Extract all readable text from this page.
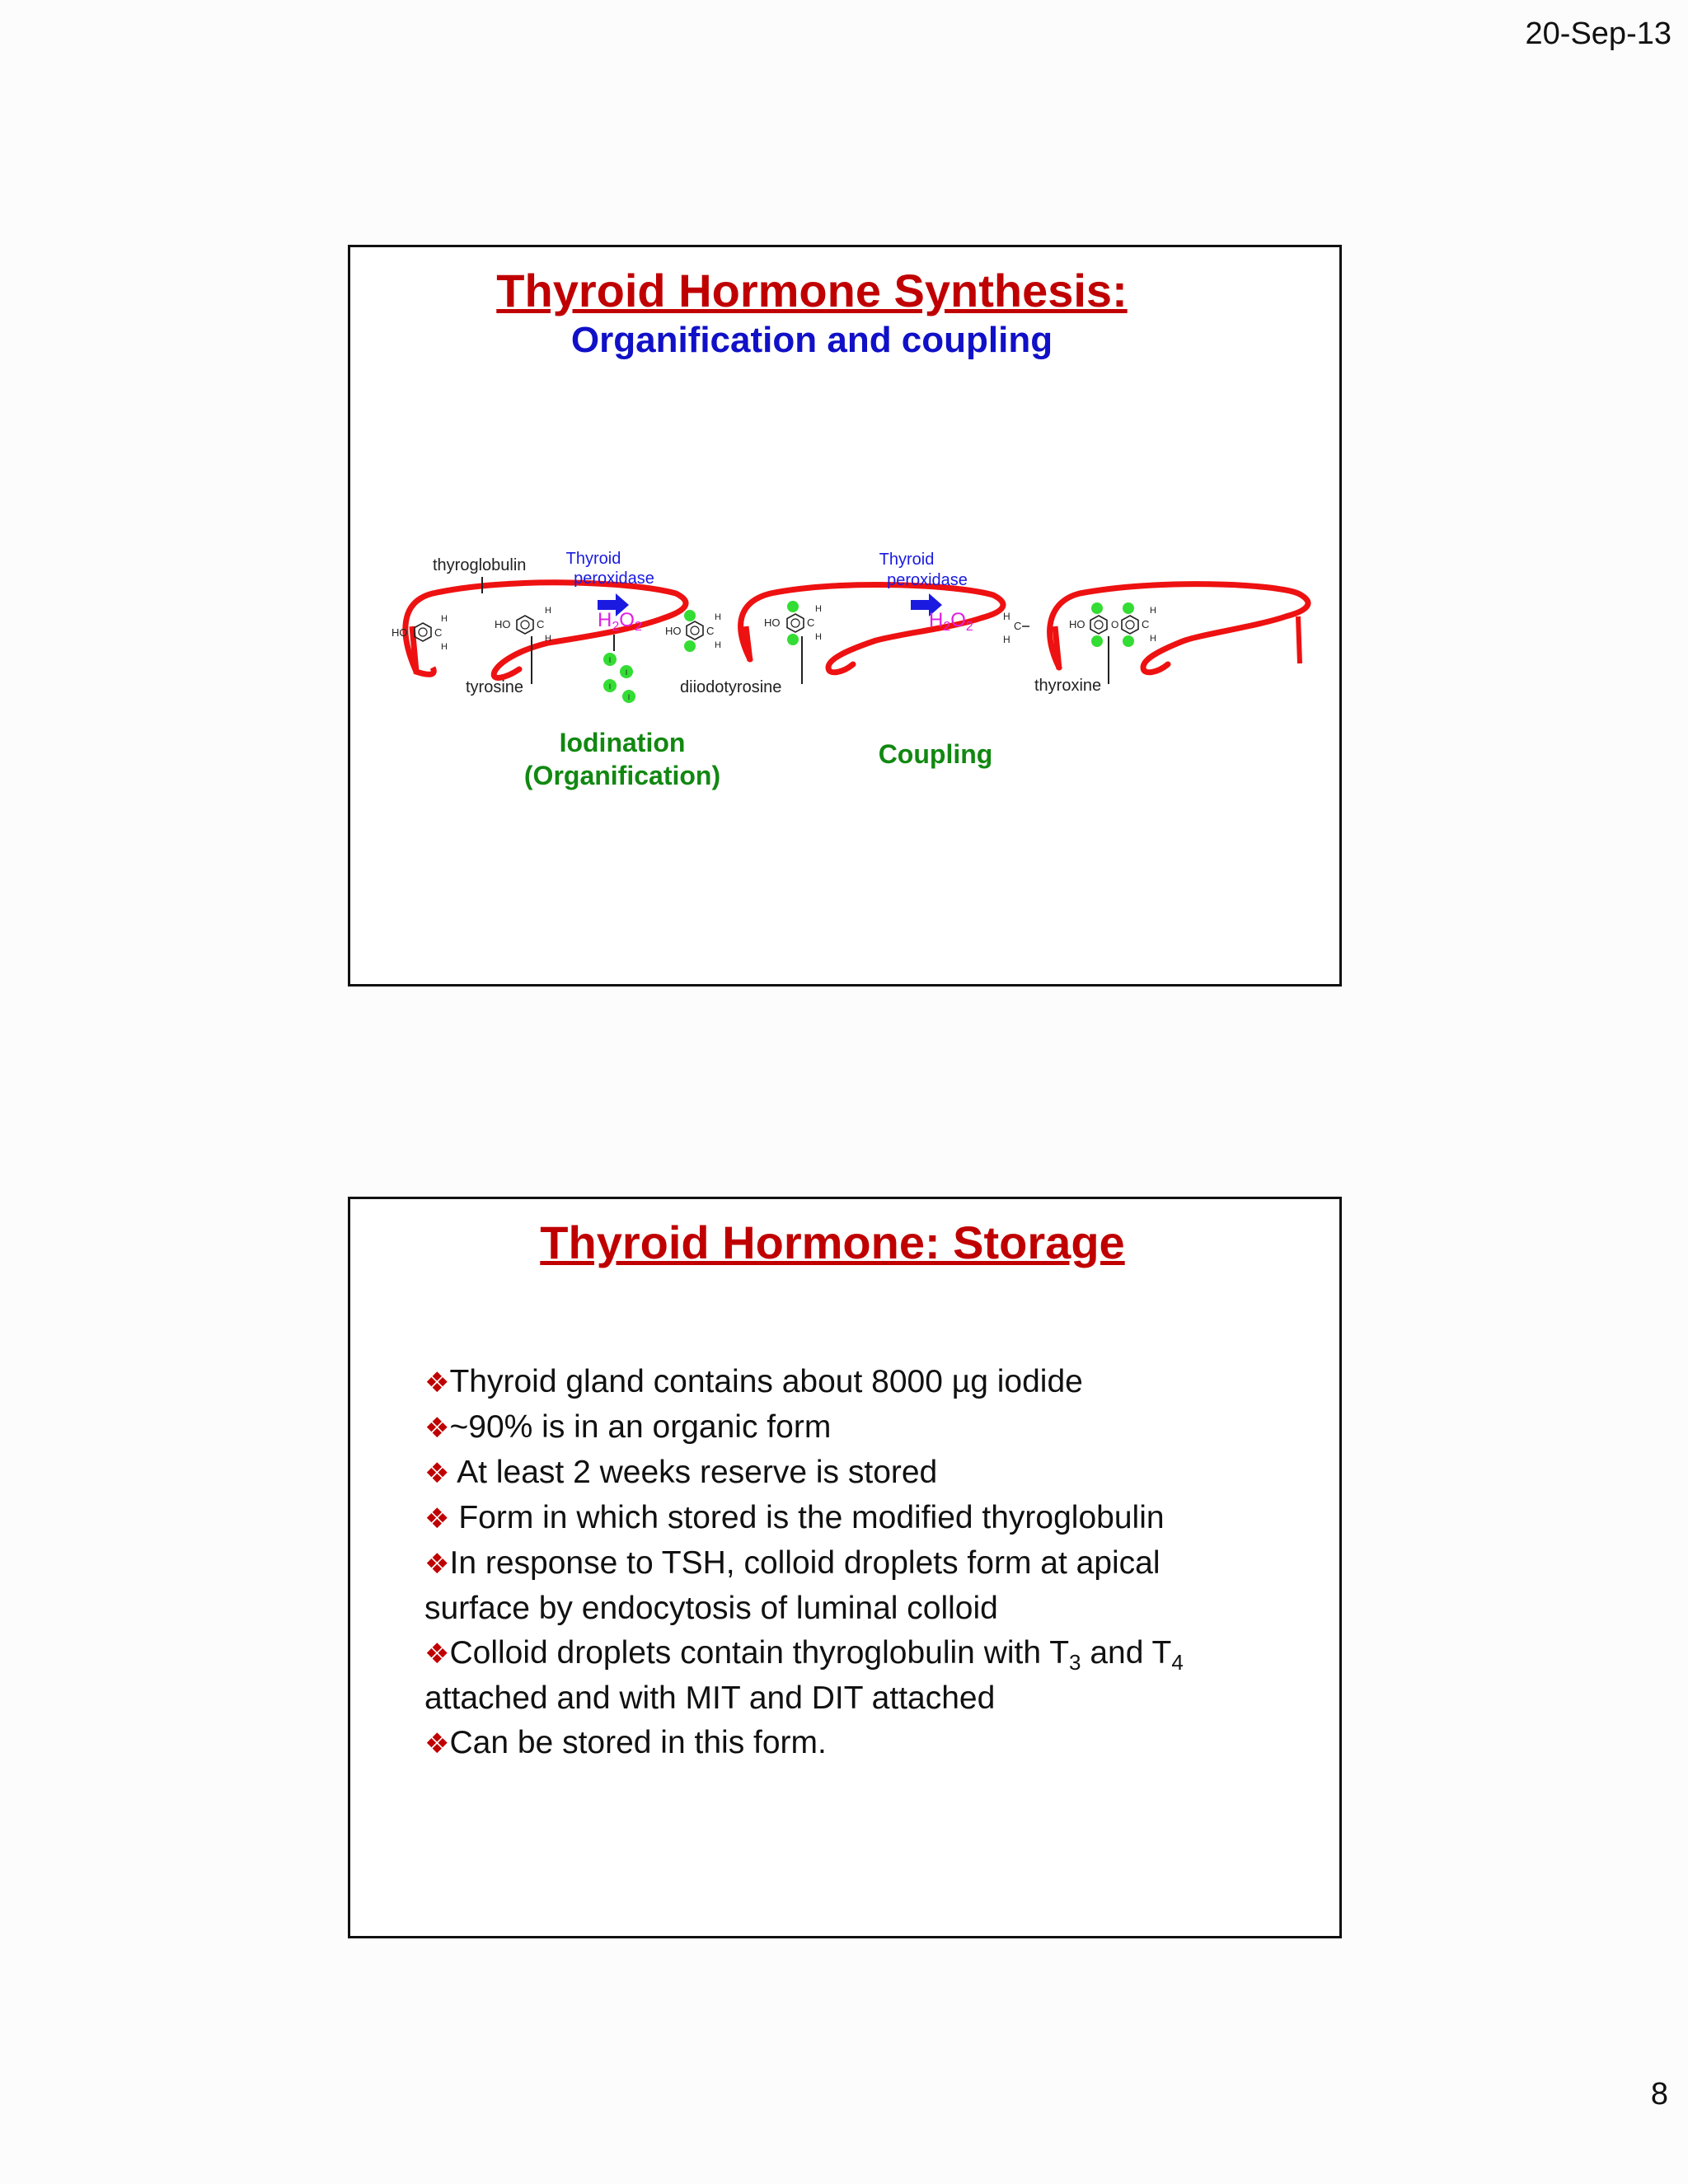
20-Sep-13
Thyroid Hormone Synthesis:
Organification and coupling
thyroglobulin Thyroid
peroxidase
Thyroid
peroxidase
$H_2O_2$	$H_2O_2$
HO	C
H
H
HO C
H
H
tyrosine
I
I
I
I
HO C
H
H
HO	C
H
H
diiodotyrosine
H
C
H
HO	O C
H
H
thyroxine
Iodination
(Organification)
Coupling
Thyroid Hormone: Storage

❖Thyroid gland contains about 8000 µg iodide

❖~90% is in an organic form

❖ At least 2 weeks reserve is stored

❖ Form in which stored is the modified thyroglobulin

❖In response to TSH, colloid droplets form at apical
surface by endocytosis of luminal colloid

❖Colloid droplets contain thyroglobulin with $T_3$ and $T_4$
attached and with MIT and DIT attached

❖Can be stored in this form.

8
